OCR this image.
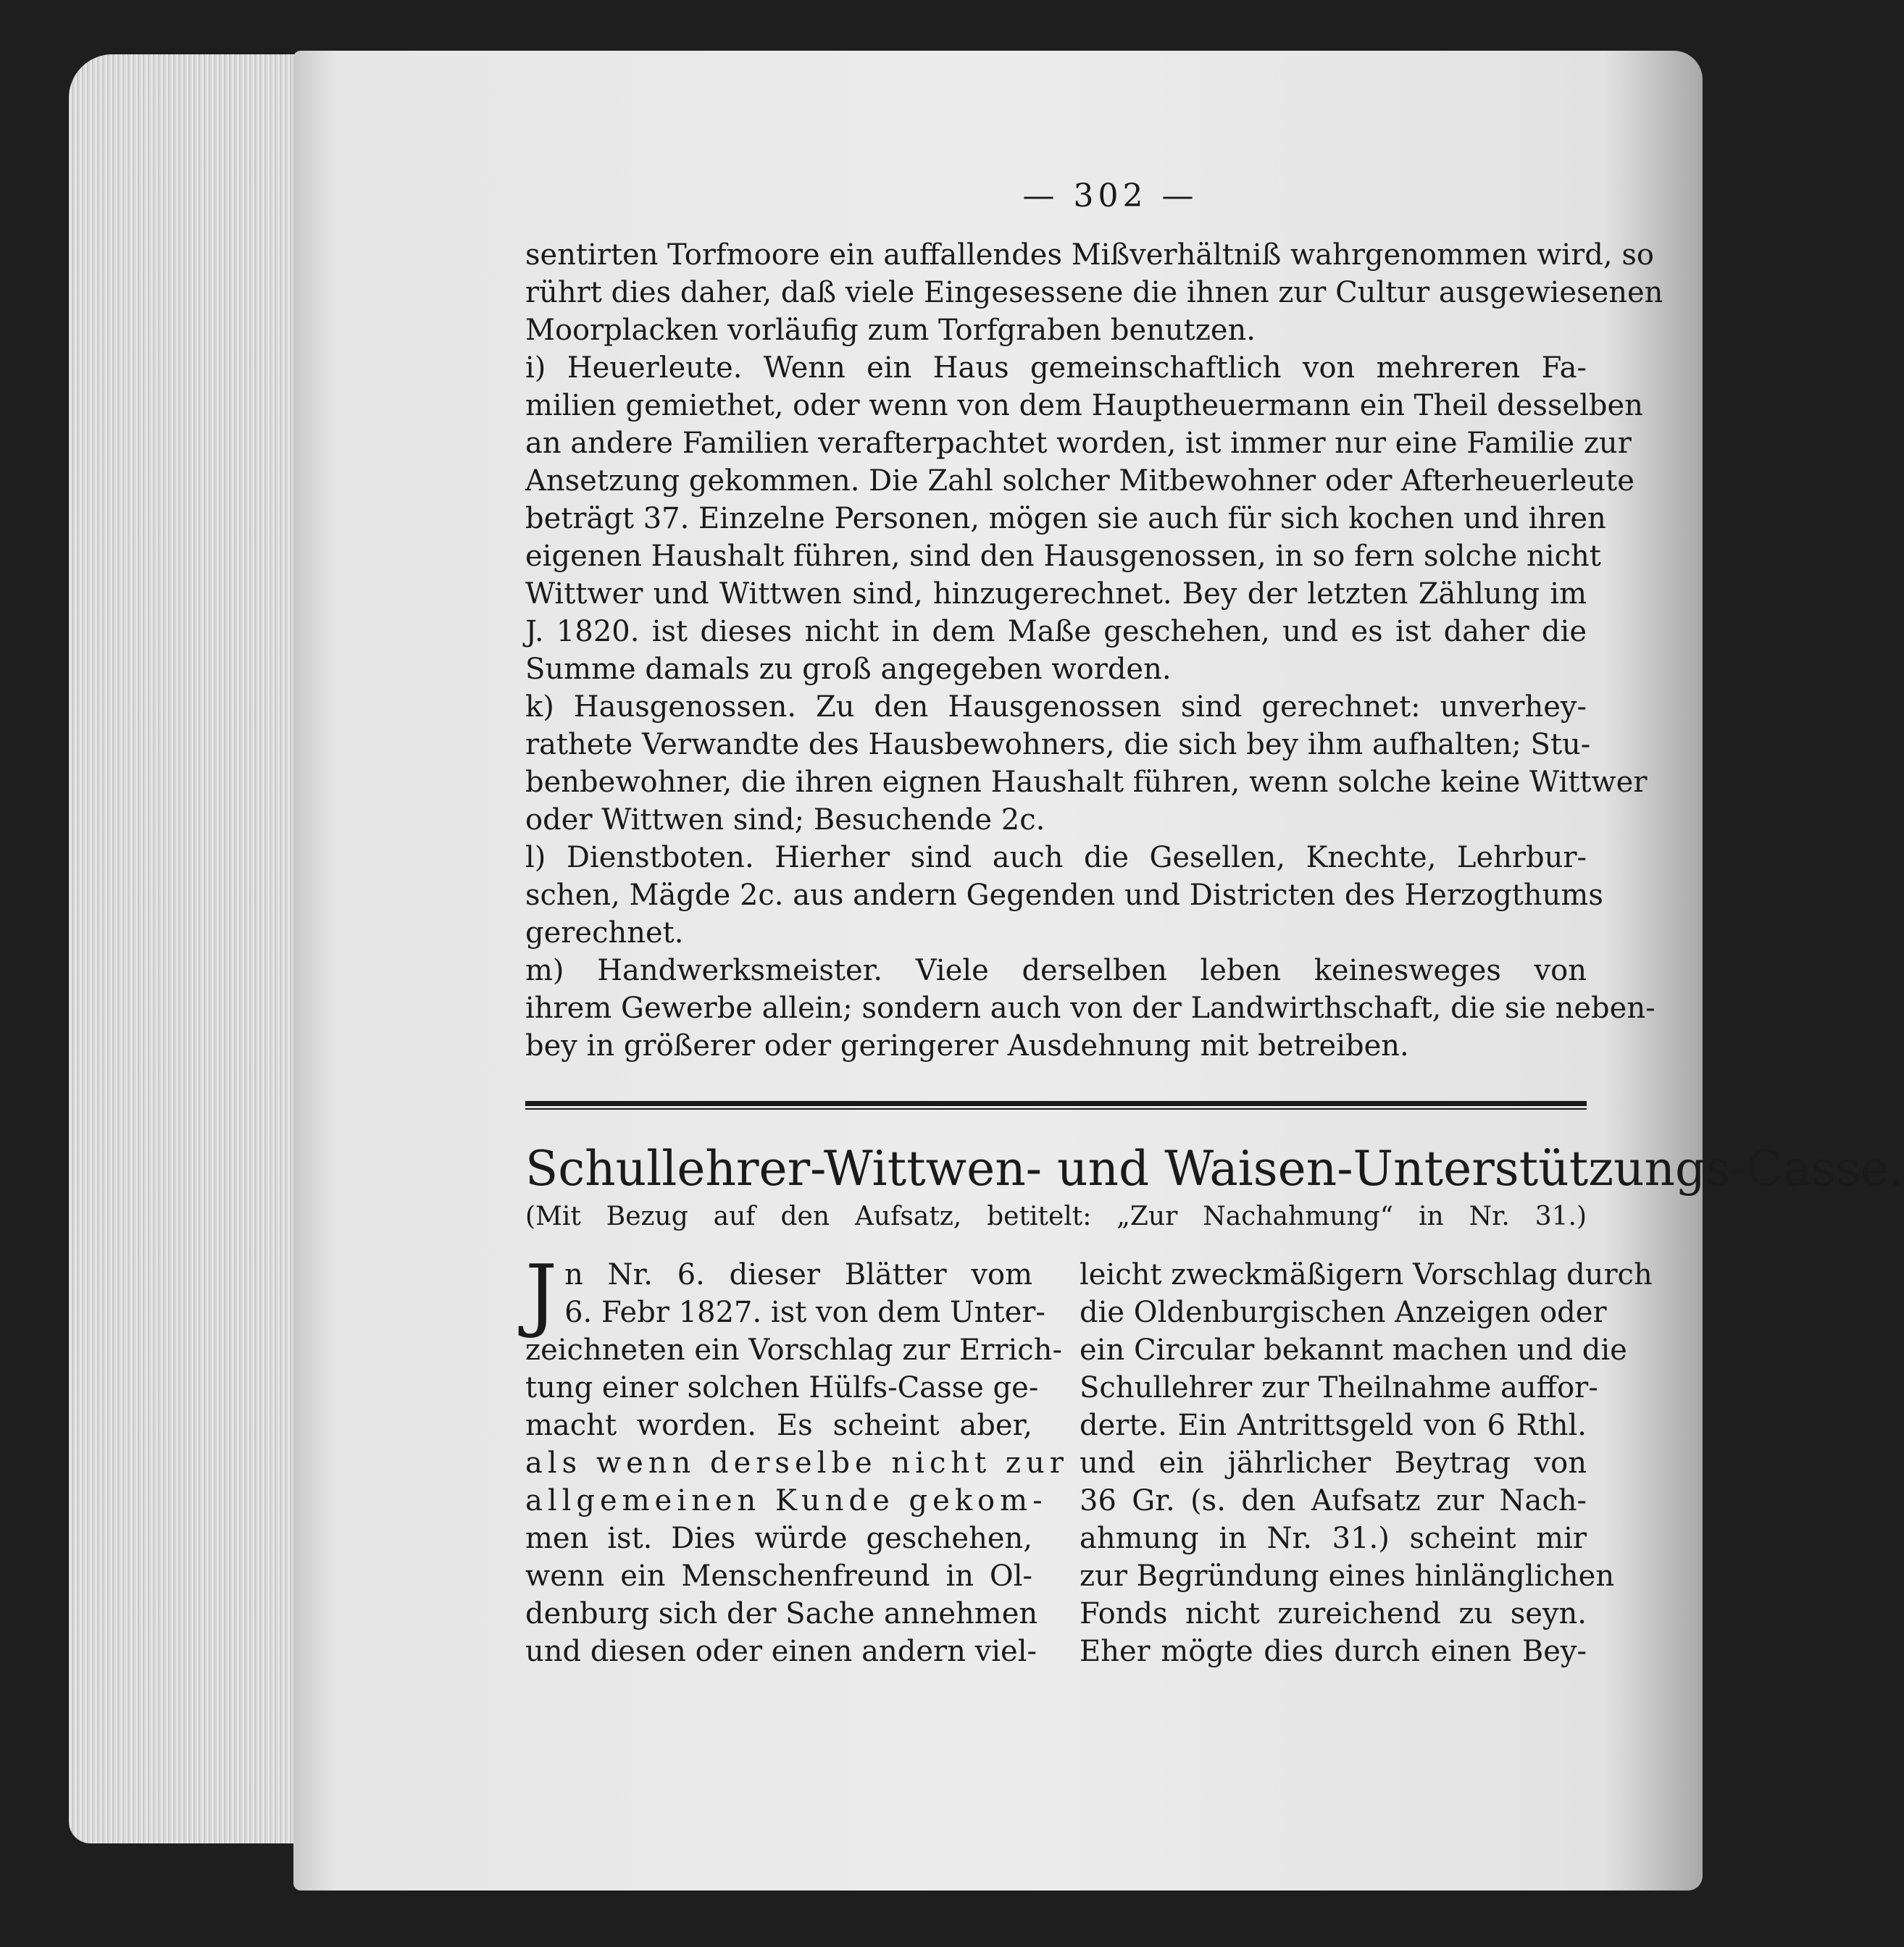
— 302 —
sentirten Torfmoore ein auffallendes Mißverhältniß wahrgenommen wird, so
rührt dies daher, daß viele Eingesessene die ihnen zur Cultur ausgewiesenen
Moorplacken vorläufig zum Torfgraben benutzen.
i) Heuerleute. Wenn ein Haus gemeinschaftlich von mehreren Fa-
milien gemiethet, oder wenn von dem Hauptheuermann ein Theil desselben
an andere Familien verafterpachtet worden, ist immer nur eine Familie zur
Ansetzung gekommen. Die Zahl solcher Mitbewohner oder Afterheuerleute
beträgt 37. Einzelne Personen, mögen sie auch für sich kochen und ihren
eigenen Haushalt führen, sind den Hausgenossen, in so fern solche nicht
Wittwer und Wittwen sind, hinzugerechnet. Bey der letzten Zählung im
J. 1820. ist dieses nicht in dem Maße geschehen, und es ist daher die
Summe damals zu groß angegeben worden.
k) Hausgenossen. Zu den Hausgenossen sind gerechnet: unverhey-
rathete Verwandte des Hausbewohners, die sich bey ihm aufhalten; Stu-
benbewohner, die ihren eignen Haushalt führen, wenn solche keine Wittwer
oder Wittwen sind; Besuchende 2c.
l) Dienstboten. Hierher sind auch die Gesellen, Knechte, Lehrbur-
schen, Mägde 2c. aus andern Gegenden und Districten des Herzogthums
gerechnet.
m) Handwerksmeister. Viele derselben leben keinesweges von
ihrem Gewerbe allein; sondern auch von der Landwirthschaft, die sie neben-
bey in größerer oder geringerer Ausdehnung mit betreiben.
Schullehrer-Wittwen- und Waisen-Unterstützungs-Casse.
(Mit Bezug auf den Aufsatz, betitelt: „Zur Nachahmung“ in Nr. 31.)
J n Nr. 6. dieser Blätter vom
6. Febr 1827. ist von dem Unter-
zeichneten ein Vorschlag zur Errich-
tung einer solchen Hülfs-Casse ge-
macht worden. Es scheint aber,
als wenn derselbe nicht zur
allgemeinen Kunde gekom-
men ist. Dies würde geschehen,
wenn ein Menschenfreund in Ol-
denburg sich der Sache annehmen
und diesen oder einen andern viel-
leicht zweckmäßigern Vorschlag durch
die Oldenburgischen Anzeigen oder
ein Circular bekannt machen und die
Schullehrer zur Theilnahme auffor-
derte. Ein Antrittsgeld von 6 Rthl.
und ein jährlicher Beytrag von
36 Gr. (s. den Aufsatz zur Nach-
ahmung in Nr. 31.) scheint mir
zur Begründung eines hinlänglichen
Fonds nicht zureichend zu seyn.
Eher mögte dies durch einen Bey-
